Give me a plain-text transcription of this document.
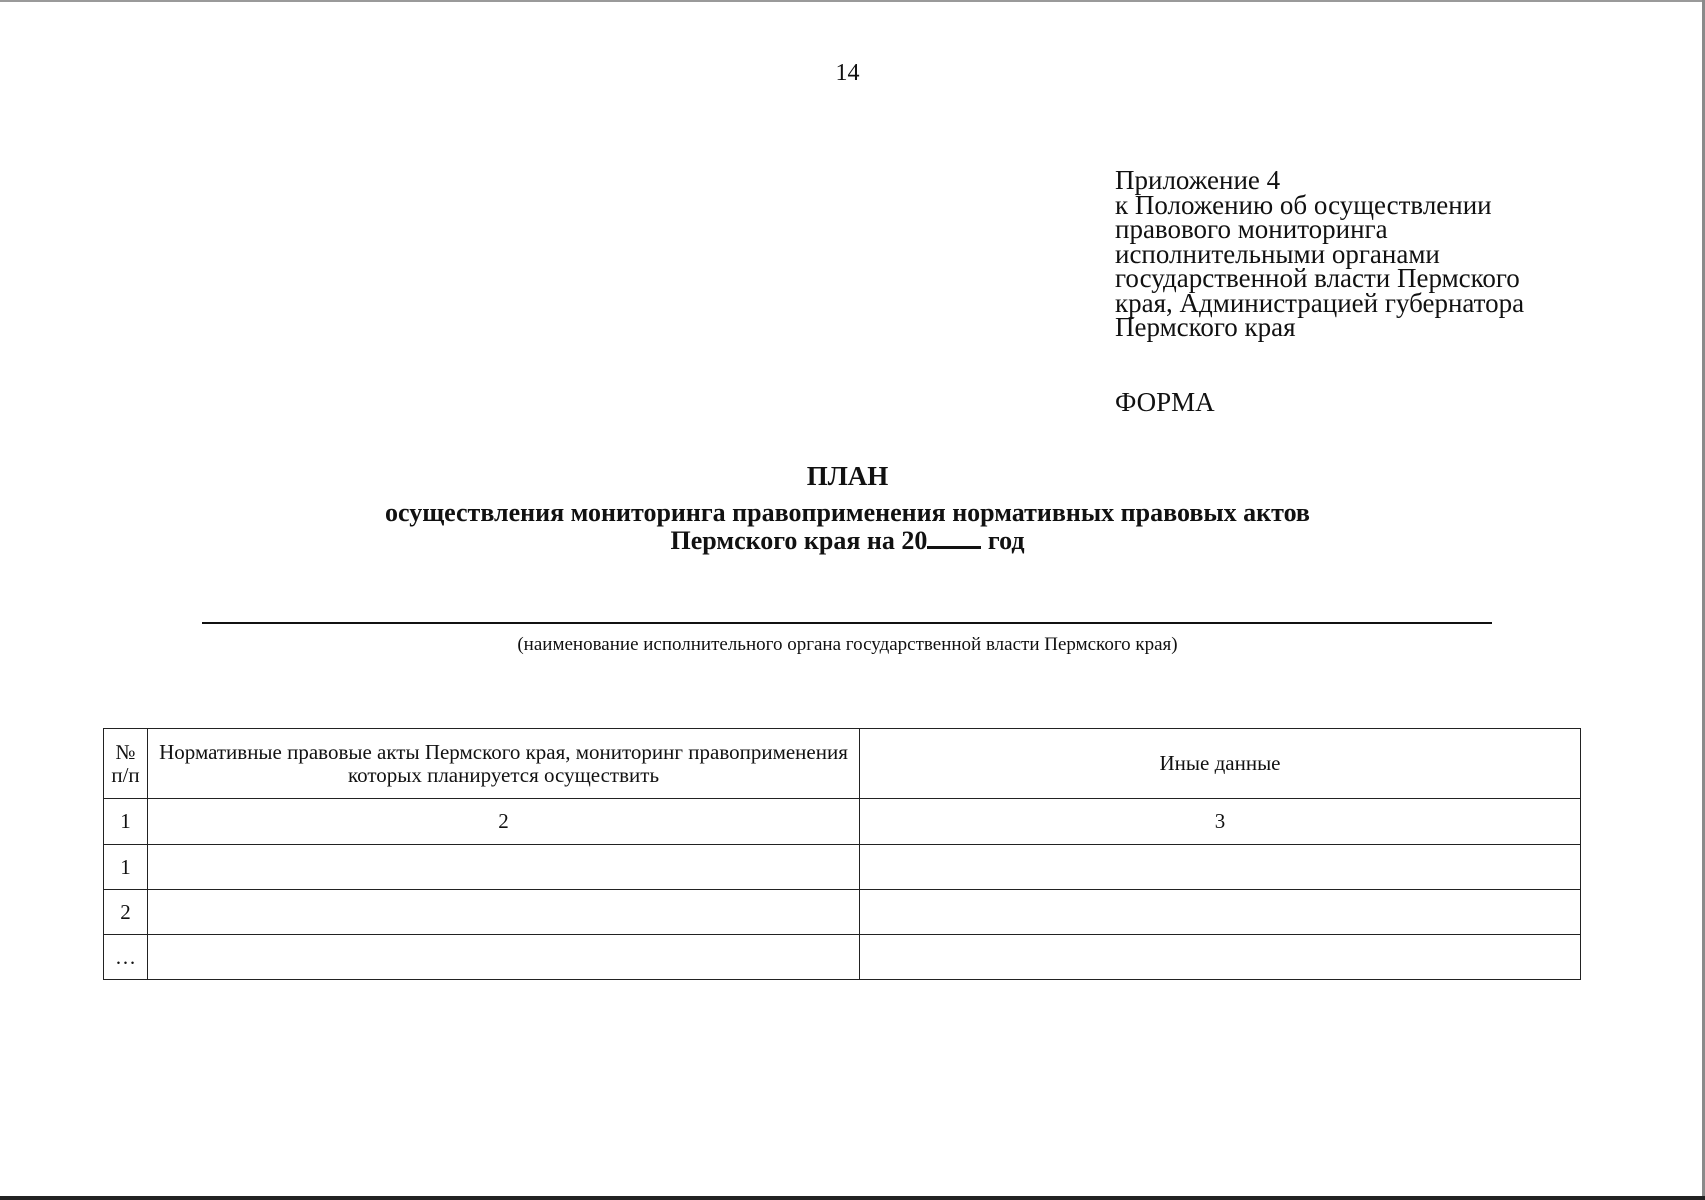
14
Приложение 4
к Положению об осуществлении
правового мониторинга
исполнительными органами
государственной власти Пермского
края, Администрацией губернатора
Пермского края
ФОРМА
ПЛАН
осуществления мониторинга правоприменения нормативных правовых актов
Пермского края на 20 год
(наименование исполнительного органа государственной власти Пермского края)
№ п/п	Нормативные правовые акты Пермского края, мониторинг правоприменения которых планируется осуществить	Иные данные
1	2	3
1		
2		
…		
